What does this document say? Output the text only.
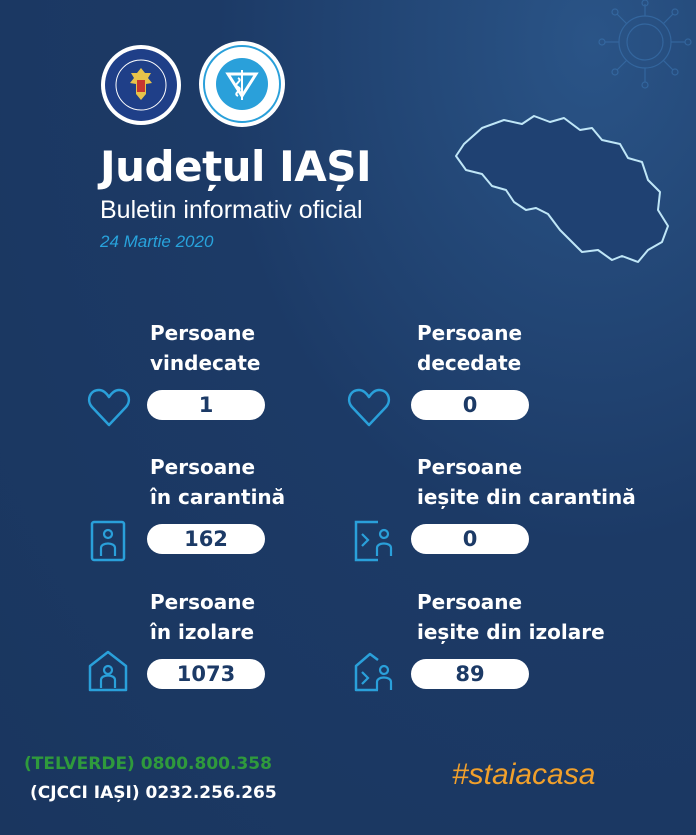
Județul IAȘI
Buletin informativ oficial
24 Martie 2020
Persoane
vindecate
1
Persoane
decedate
0
Persoane
în carantină
162
Persoane
ieșite din carantină
0
Persoane
în izolare
1073
Persoane
ieșite din izolare
89
(TELVERDE) 0800.800.358
(CJCCI IAȘI) 0232.256.265
#staiacasa
